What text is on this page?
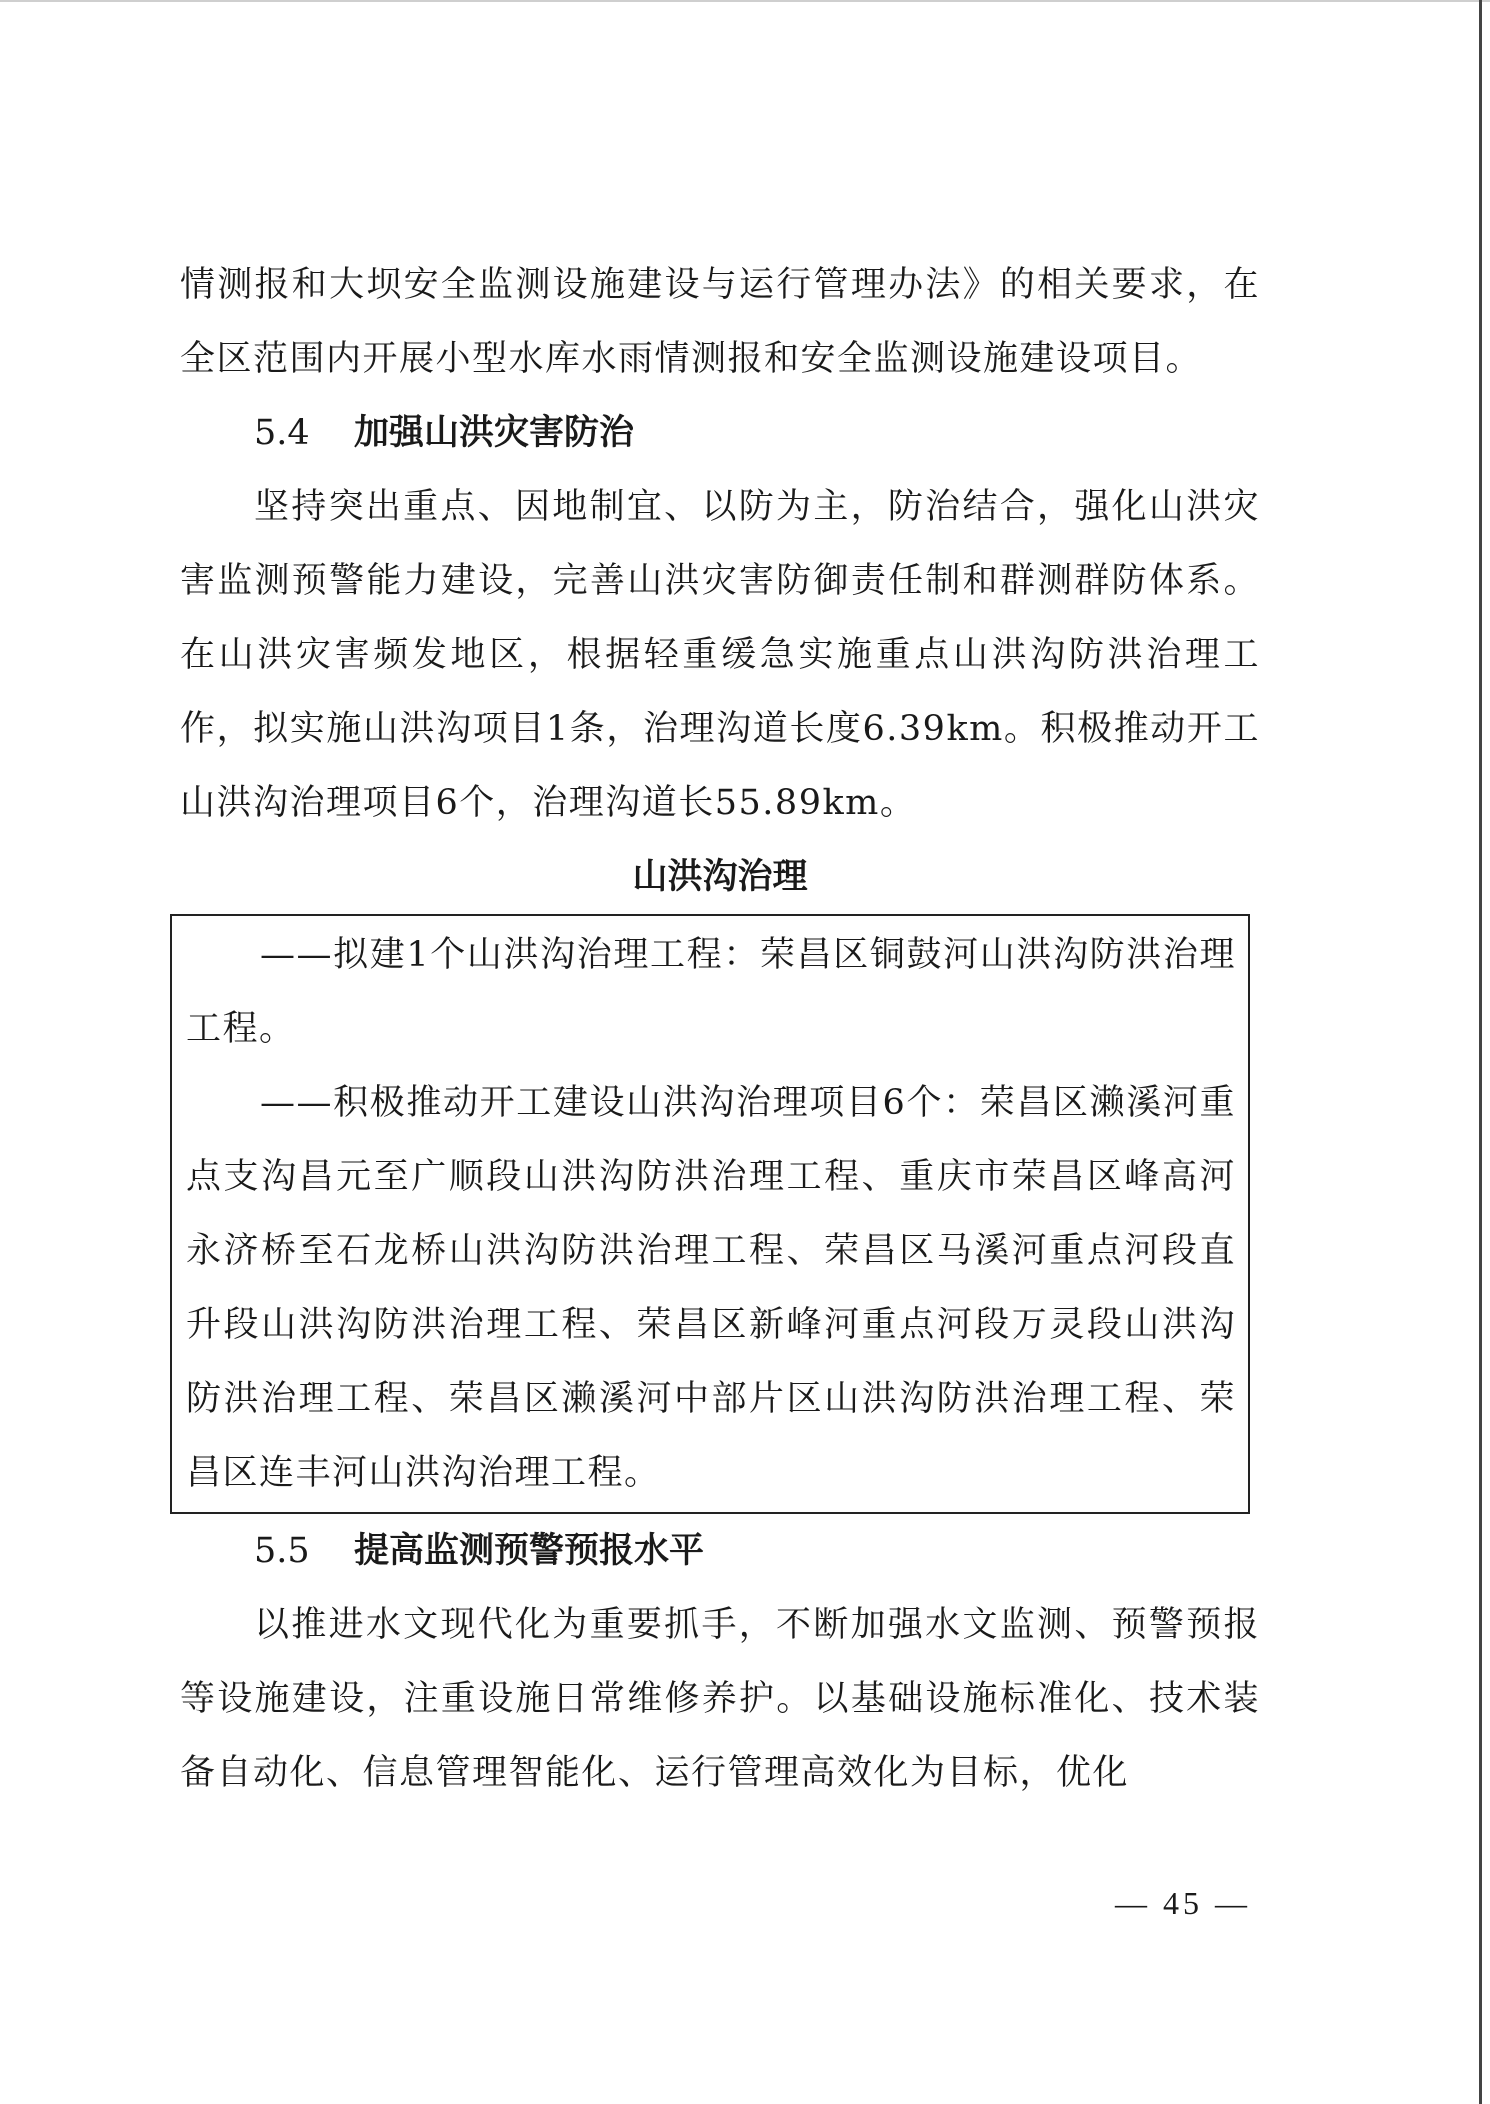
情测报和大坝安全监测设施建设与运行管理办法》的相关要求，在全区范围内开展小型水库水雨情测报和安全监测设施建设项目。

5.4 加强山洪灾害防治

坚持突出重点、因地制宜、以防为主，防治结合，强化山洪灾害监测预警能力建设，完善山洪灾害防御责任制和群测群防体系。在山洪灾害频发地区，根据轻重缓急实施重点山洪沟防洪治理工作，拟实施山洪沟项目1条，治理沟道长度6.39km。积极推动开工山洪沟治理项目6个，治理沟道长55.89km。

山洪沟治理

——拟建1个山洪沟治理工程：荣昌区铜鼓河山洪沟防洪治理工程。

——积极推动开工建设山洪沟治理项目6个：荣昌区濑溪河重点支沟昌元至广顺段山洪沟防洪治理工程、重庆市荣昌区峰高河永济桥至石龙桥山洪沟防洪治理工程、荣昌区马溪河重点河段直升段山洪沟防洪治理工程、荣昌区新峰河重点河段万灵段山洪沟防洪治理工程、荣昌区濑溪河中部片区山洪沟防洪治理工程、荣昌区连丰河山洪沟治理工程。

5.5 提高监测预警预报水平

以推进水文现代化为重要抓手，不断加强水文监测、预警预报等设施建设，注重设施日常维修养护。以基础设施标准化、技术装备自动化、信息管理智能化、运行管理高效化为目标，优化

— 45 —
